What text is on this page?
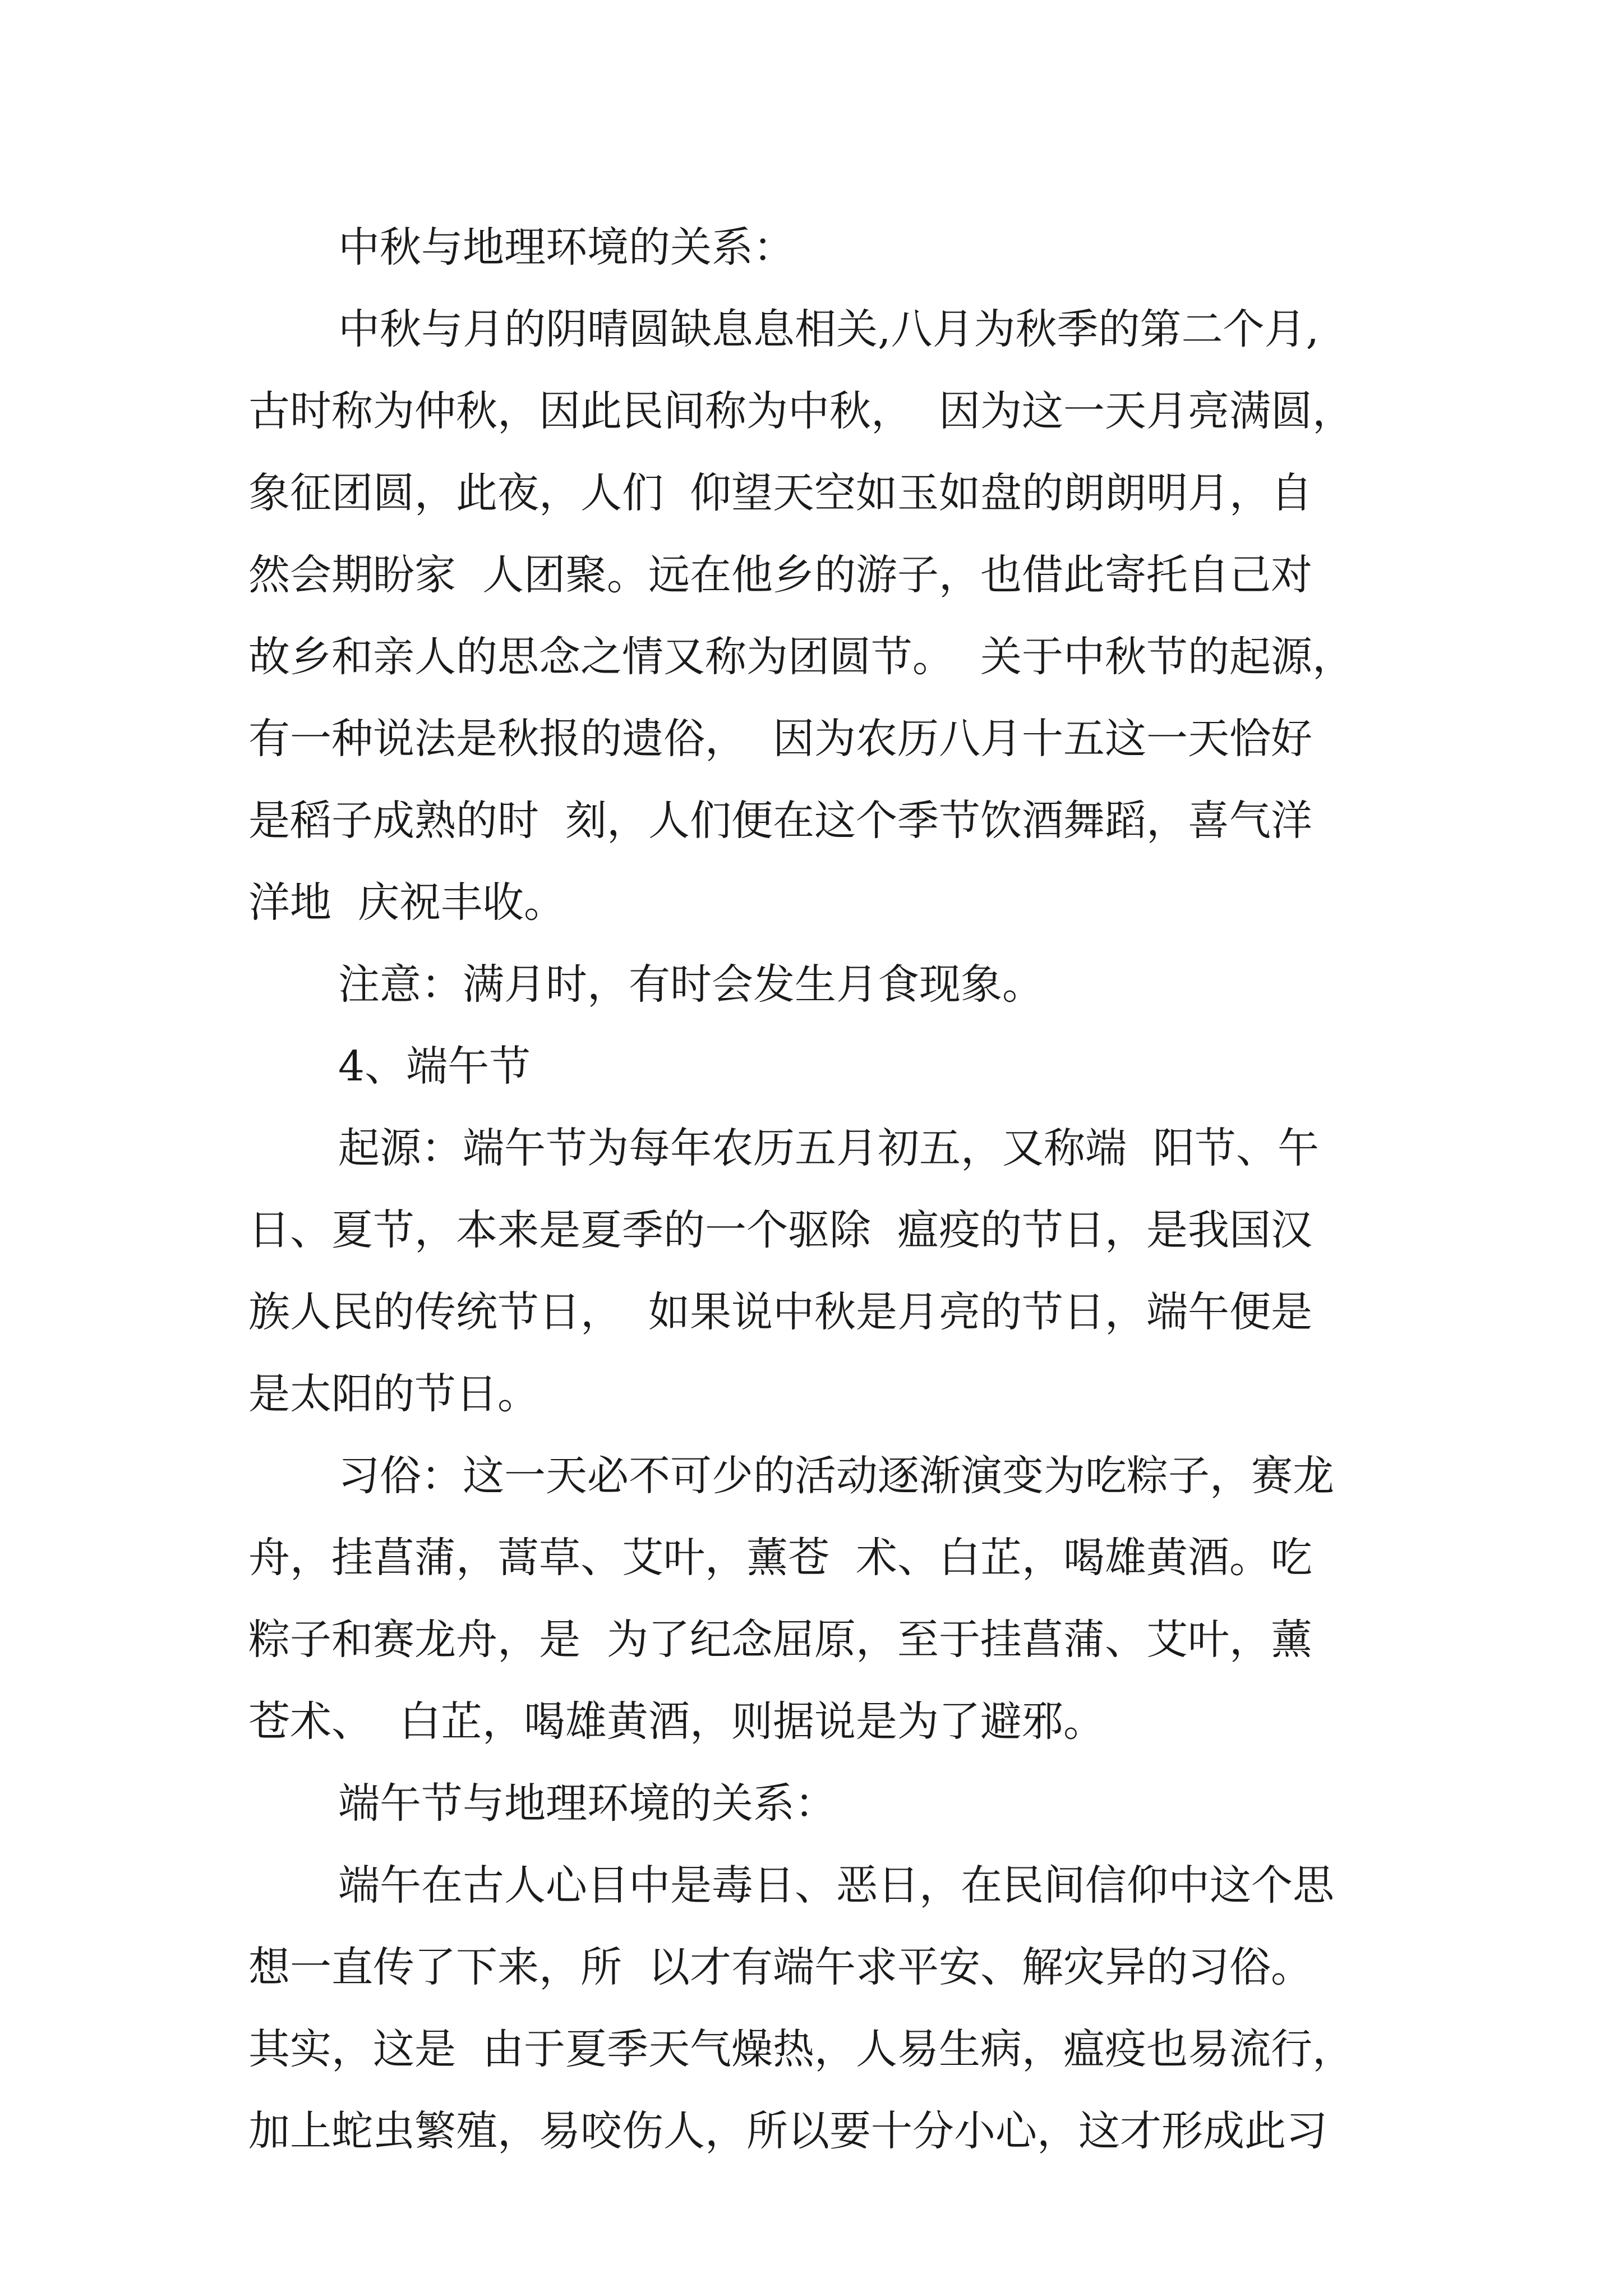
中秋与地理环境的关系：
中秋与月的阴晴圆缺息息相关,八月为秋季的第二个月,
古时称为仲秋，因此民间称为中秋，  因为这一天月亮满圆，
象征团圆，此夜，人们  仰望天空如玉如盘的朗朗明月，自
然会期盼家  人团聚。远在他乡的游子，也借此寄托自己对
故乡和亲人的思念之情又称为团圆节。  关于中秋节的起源，
有一种说法是秋报的遗俗，  因为农历八月十五这一天恰好
是稻子成熟的时  刻，人们便在这个季节饮酒舞蹈，喜气洋
洋地  庆祝丰收。
注意：满月时，有时会发生月食现象。
4、端午节
起源：端午节为每年农历五月初五，又称端  阳节、午
日、夏节，本来是夏季的一个驱除  瘟疫的节日，是我国汉
族人民的传统节日，  如果说中秋是月亮的节日，端午便是
是太阳的节日。
习俗：这一天必不可少的活动逐渐演变为吃粽子，赛龙
舟，挂菖蒲，蒿草、艾叶，薰苍  术、白芷，喝雄黄酒。吃
粽子和赛龙舟，是  为了纪念屈原，至于挂菖蒲、艾叶，薰
苍术、  白芷，喝雄黄酒，则据说是为了避邪。
端午节与地理环境的关系：
端午在古人心目中是毒日、恶日，在民间信仰中这个思
想一直传了下来，所  以才有端午求平安、解灾异的习俗。
其实，这是  由于夏季天气燥热，人易生病，瘟疫也易流行，
加上蛇虫繁殖，易咬伤人，所以要十分小心，这才形成此习
